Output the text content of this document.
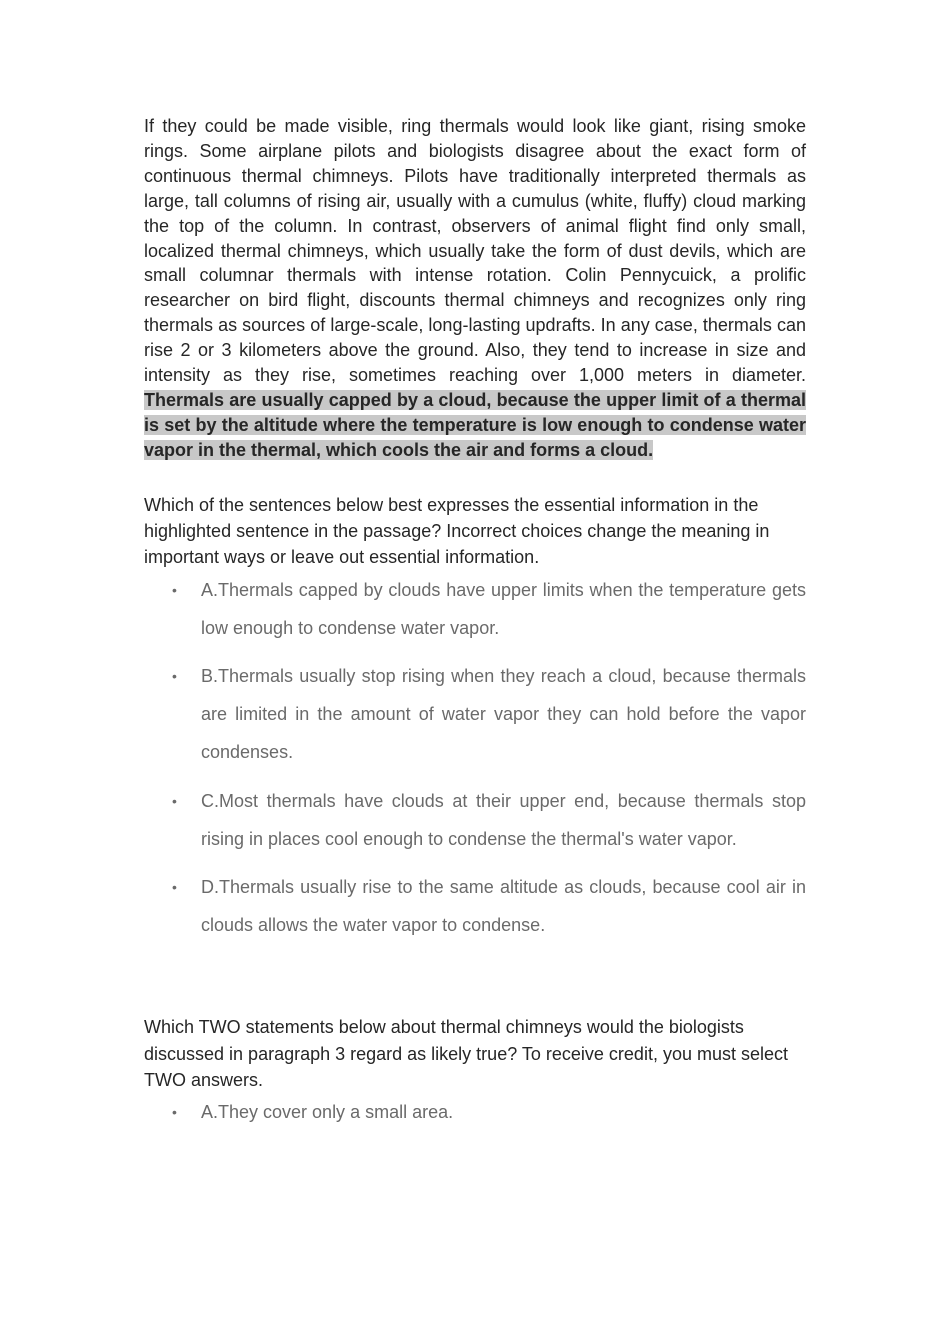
If they could be made visible, ring thermals would look like giant, rising smoke rings. Some airplane pilots and biologists disagree about the exact form of continuous thermal chimneys. Pilots have traditionally interpreted thermals as large, tall columns of rising air, usually with a cumulus (white, fluffy) cloud marking the top of the column. In contrast, observers of animal flight find only small, localized thermal chimneys, which usually take the form of dust devils, which are small columnar thermals with intense rotation. Colin Pennycuick, a prolific researcher on bird flight, discounts thermal chimneys and recognizes only ring thermals as sources of large-scale, long-lasting updrafts. In any case, thermals can rise 2 or 3 kilometers above the ground. Also, they tend to increase in size and intensity as they rise, sometimes reaching over 1,000 meters in diameter. Thermals are usually capped by a cloud, because the upper limit of a thermal is set by the altitude where the temperature is low enough to condense water vapor in the thermal, which cools the air and forms a cloud.

Which of the sentences below best expresses the essential information in the highlighted sentence in the passage? Incorrect choices change the meaning in important ways or leave out essential information.

• A.Thermals capped by clouds have upper limits when the temperature gets low enough to condense water vapor.
• B.Thermals usually stop rising when they reach a cloud, because thermals are limited in the amount of water vapor they can hold before the vapor condenses.
• C.Most thermals have clouds at their upper end, because thermals stop rising in places cool enough to condense the thermal's water vapor.
• D.Thermals usually rise to the same altitude as clouds, because cool air in clouds allows the water vapor to condense.

Which TWO statements below about thermal chimneys would the biologists discussed in paragraph 3 regard as likely true? To receive credit, you must select TWO answers.

• A.They cover only a small area.
